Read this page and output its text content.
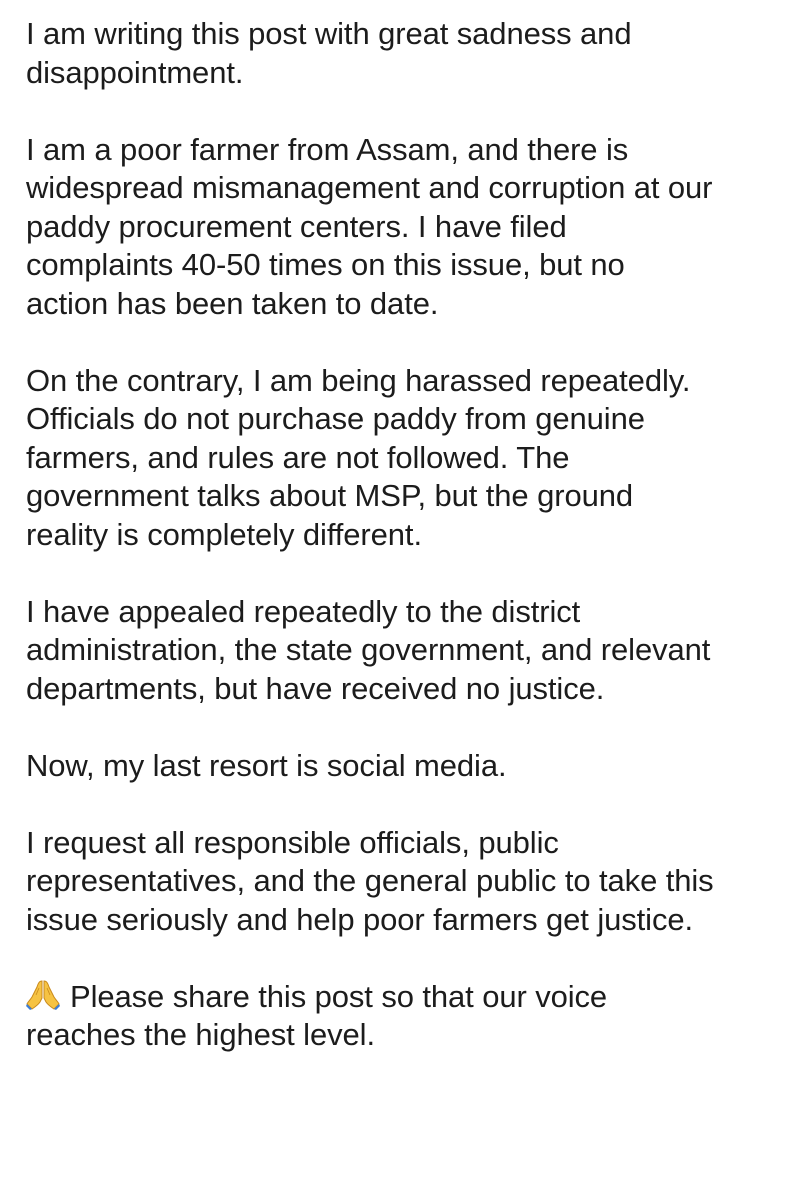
I am writing this post with great sadness and
disappointment.

I am a poor farmer from Assam, and there is
widespread mismanagement and corruption at our
paddy procurement centers. I have filed
complaints 40-50 times on this issue, but no
action has been taken to date.

On the contrary, I am being harassed repeatedly.
Officials do not purchase paddy from genuine
farmers, and rules are not followed. The
government talks about MSP, but the ground
reality is completely different.

I have appealed repeatedly to the district
administration, the state government, and relevant
departments, but have received no justice.

Now, my last resort is social media.

I request all responsible officials, public
representatives, and the general public to take this
issue seriously and help poor farmers get justice.

Please share this post so that our voice
reaches the highest level.
